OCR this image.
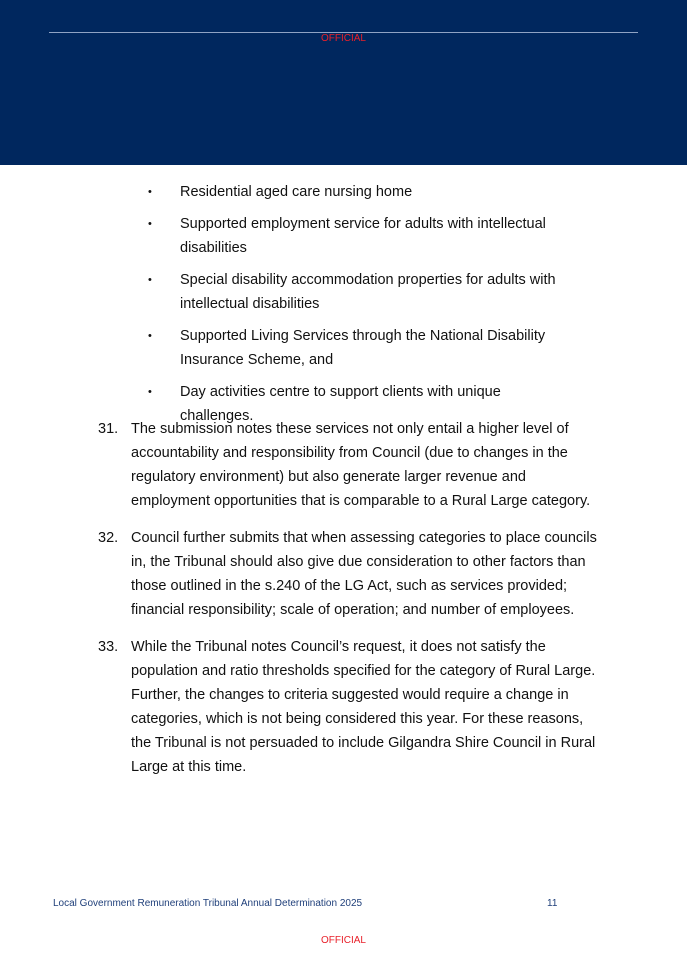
OFFICIAL
•	Residential aged care nursing home
•	Supported employment service for adults with intellectual disabilities
•	Special disability accommodation properties for adults with intellectual disabilities
•	Supported Living Services through the National Disability Insurance Scheme, and
•	Day activities centre to support clients with unique challenges.
31. The submission notes these services not only entail a higher level of accountability and responsibility from Council (due to changes in the regulatory environment) but also generate larger revenue and employment opportunities that is comparable to a Rural Large category.
32. Council further submits that when assessing categories to place councils in, the Tribunal should also give due consideration to other factors than those outlined in the s.240 of the LG Act, such as services provided; financial responsibility; scale of operation; and number of employees.
33. While the Tribunal notes Council’s request, it does not satisfy the population and ratio thresholds specified for the category of Rural Large. Further, the changes to criteria suggested would require a change in categories, which is not being considered this year. For these reasons, the Tribunal is not persuaded to include Gilgandra Shire Council in Rural Large at this time.
Local Government Remuneration Tribunal Annual Determination 2025	11
OFFICIAL
